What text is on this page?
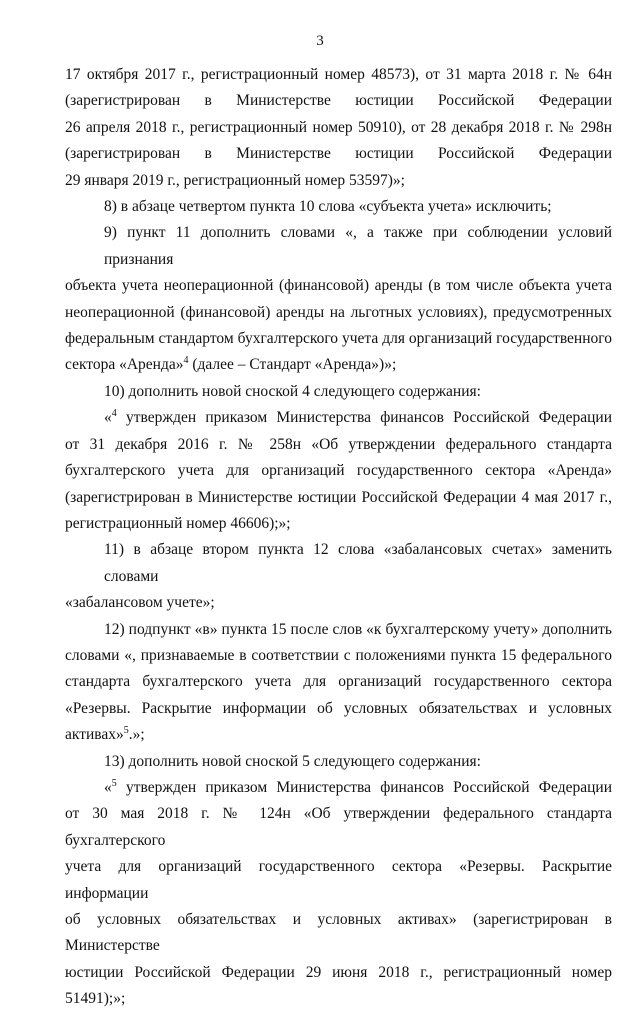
3

17 октября 2017 г., регистрационный номер 48573), от 31 марта 2018 г. № 64н
(зарегистрирован в Министерстве юстиции Российской Федерации
26 апреля 2018 г., регистрационный номер 50910), от 28 декабря 2018 г. № 298н
(зарегистрирован в Министерстве юстиции Российской Федерации
29 января 2019 г., регистрационный номер 53597)»;

8) в абзаце четвертом пункта 10 слова «субъекта учета» исключить;

9) пункт 11 дополнить словами «, а также при соблюдении условий признания
объекта учета неоперационной (финансовой) аренды (в том числе объекта учета
неоперационной (финансовой) аренды на льготных условиях), предусмотренных
федеральным стандартом бухгалтерского учета для организаций государственного
сектора «Аренда»$^4$ (далее – Стандарт «Аренда»)»;

10) дополнить новой сноской 4 следующего содержания:

«$^4$ утвержден приказом Министерства финансов Российской Федерации
от 31 декабря 2016 г. № 258н «Об утверждении федерального стандарта
бухгалтерского учета для организаций государственного сектора «Аренда»
(зарегистрирован в Министерстве юстиции Российской Федерации 4 мая 2017 г.,
регистрационный номер 46606);»;

11) в абзаце втором пункта 12 слова «забалансовых счетах» заменить словами
«забалансовом учете»;

12) подпункт «в» пункта 15 после слов «к бухгалтерскому учету» дополнить
словами «, признаваемые в соответствии с положениями пункта 15 федерального
стандарта бухгалтерского учета для организаций государственного сектора
«Резервы. Раскрытие информации об условных обязательствах и условных
активах»$^5$.»;

13) дополнить новой сноской 5 следующего содержания:

«$^5$ утвержден приказом Министерства финансов Российской Федерации
от 30 мая 2018 г. № 124н «Об утверждении федерального стандарта бухгалтерского
учета для организаций государственного сектора «Резервы. Раскрытие информации
об условных обязательствах и условных активах» (зарегистрирован в Министерстве
юстиции Российской Федерации 29 июня 2018 г., регистрационный номер 51491);»;
